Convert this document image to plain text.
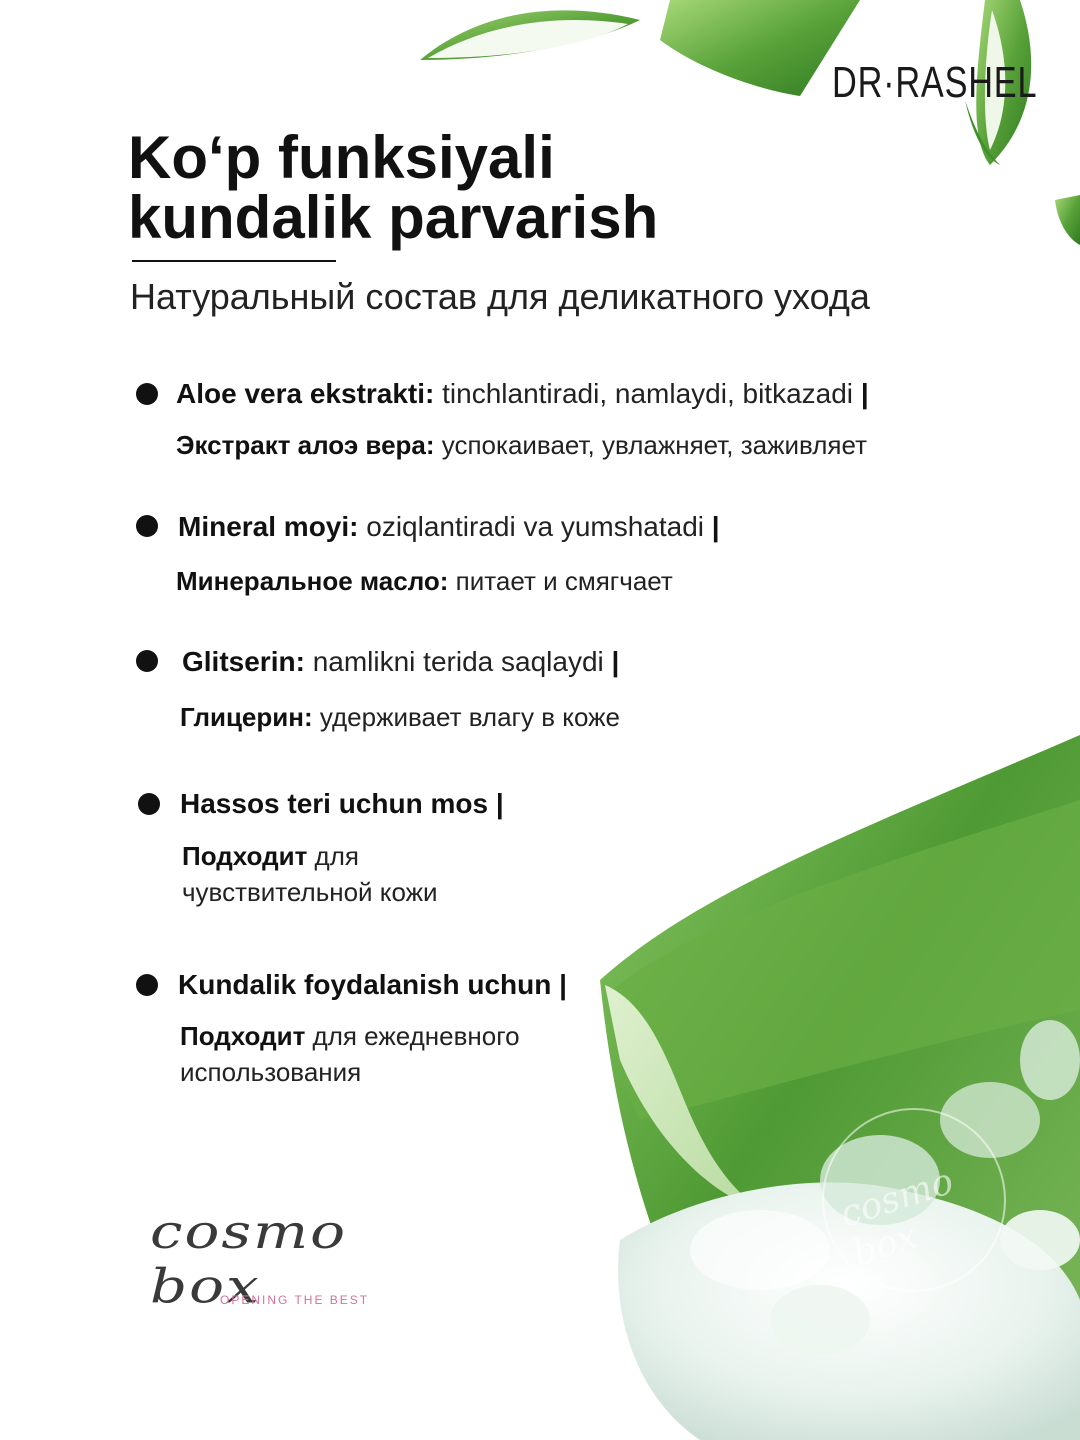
DR·RASHEL
Koʻp funksiyali
kundalik parvarish
Натуральный состав для деликатного ухода
Aloe vera ekstrakti: tinchlantiradi, namlaydi, bitkazadi |
Экстракт алоэ вера: успокаивает, увлажняет, заживляет
Mineral moyi: oziqlantiradi va yumshatadi |
Минеральное масло: питает и смягчает
Glitserin: namlikni terida saqlaydi |
Глицерин: удерживает влагу в коже
Hassos teri uchun mos |
Подходит для
чувствительной кожи
Kundalik foydalanish uchun |
Подходит для ежедневного
использования
cosmo box
OPENING THE BEST
cosmo box
